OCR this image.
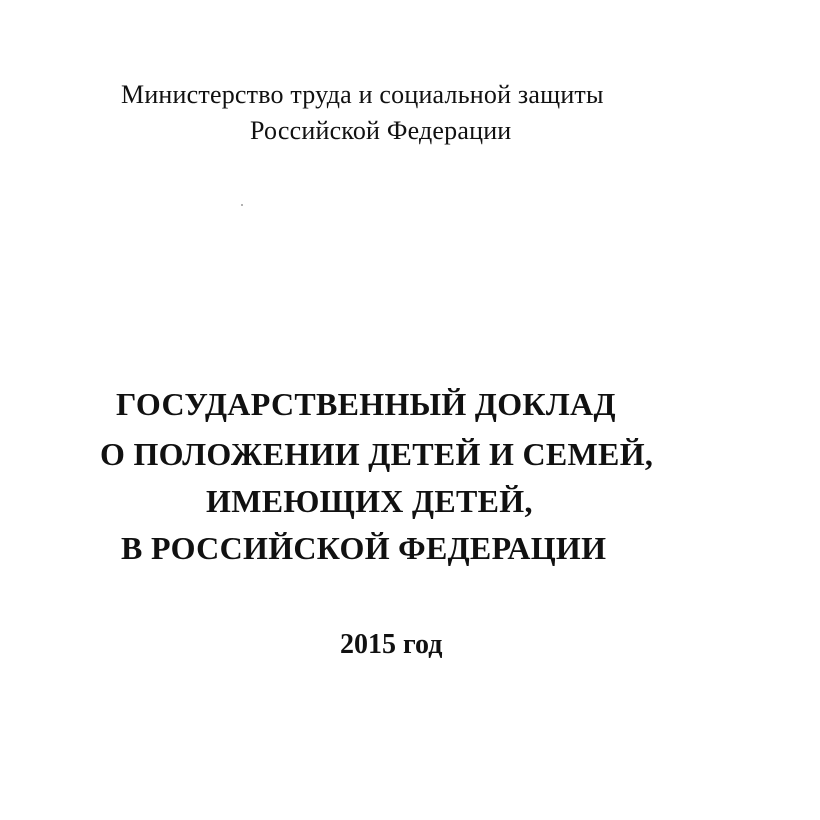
Министерство труда и социальной защиты
Российской Федерации
ГОСУДАРСТВЕННЫЙ ДОКЛАД
О ПОЛОЖЕНИИ ДЕТЕЙ И СЕМЕЙ,
ИМЕЮЩИХ ДЕТЕЙ,
В РОССИЙСКОЙ ФЕДЕРАЦИИ
2015 год
